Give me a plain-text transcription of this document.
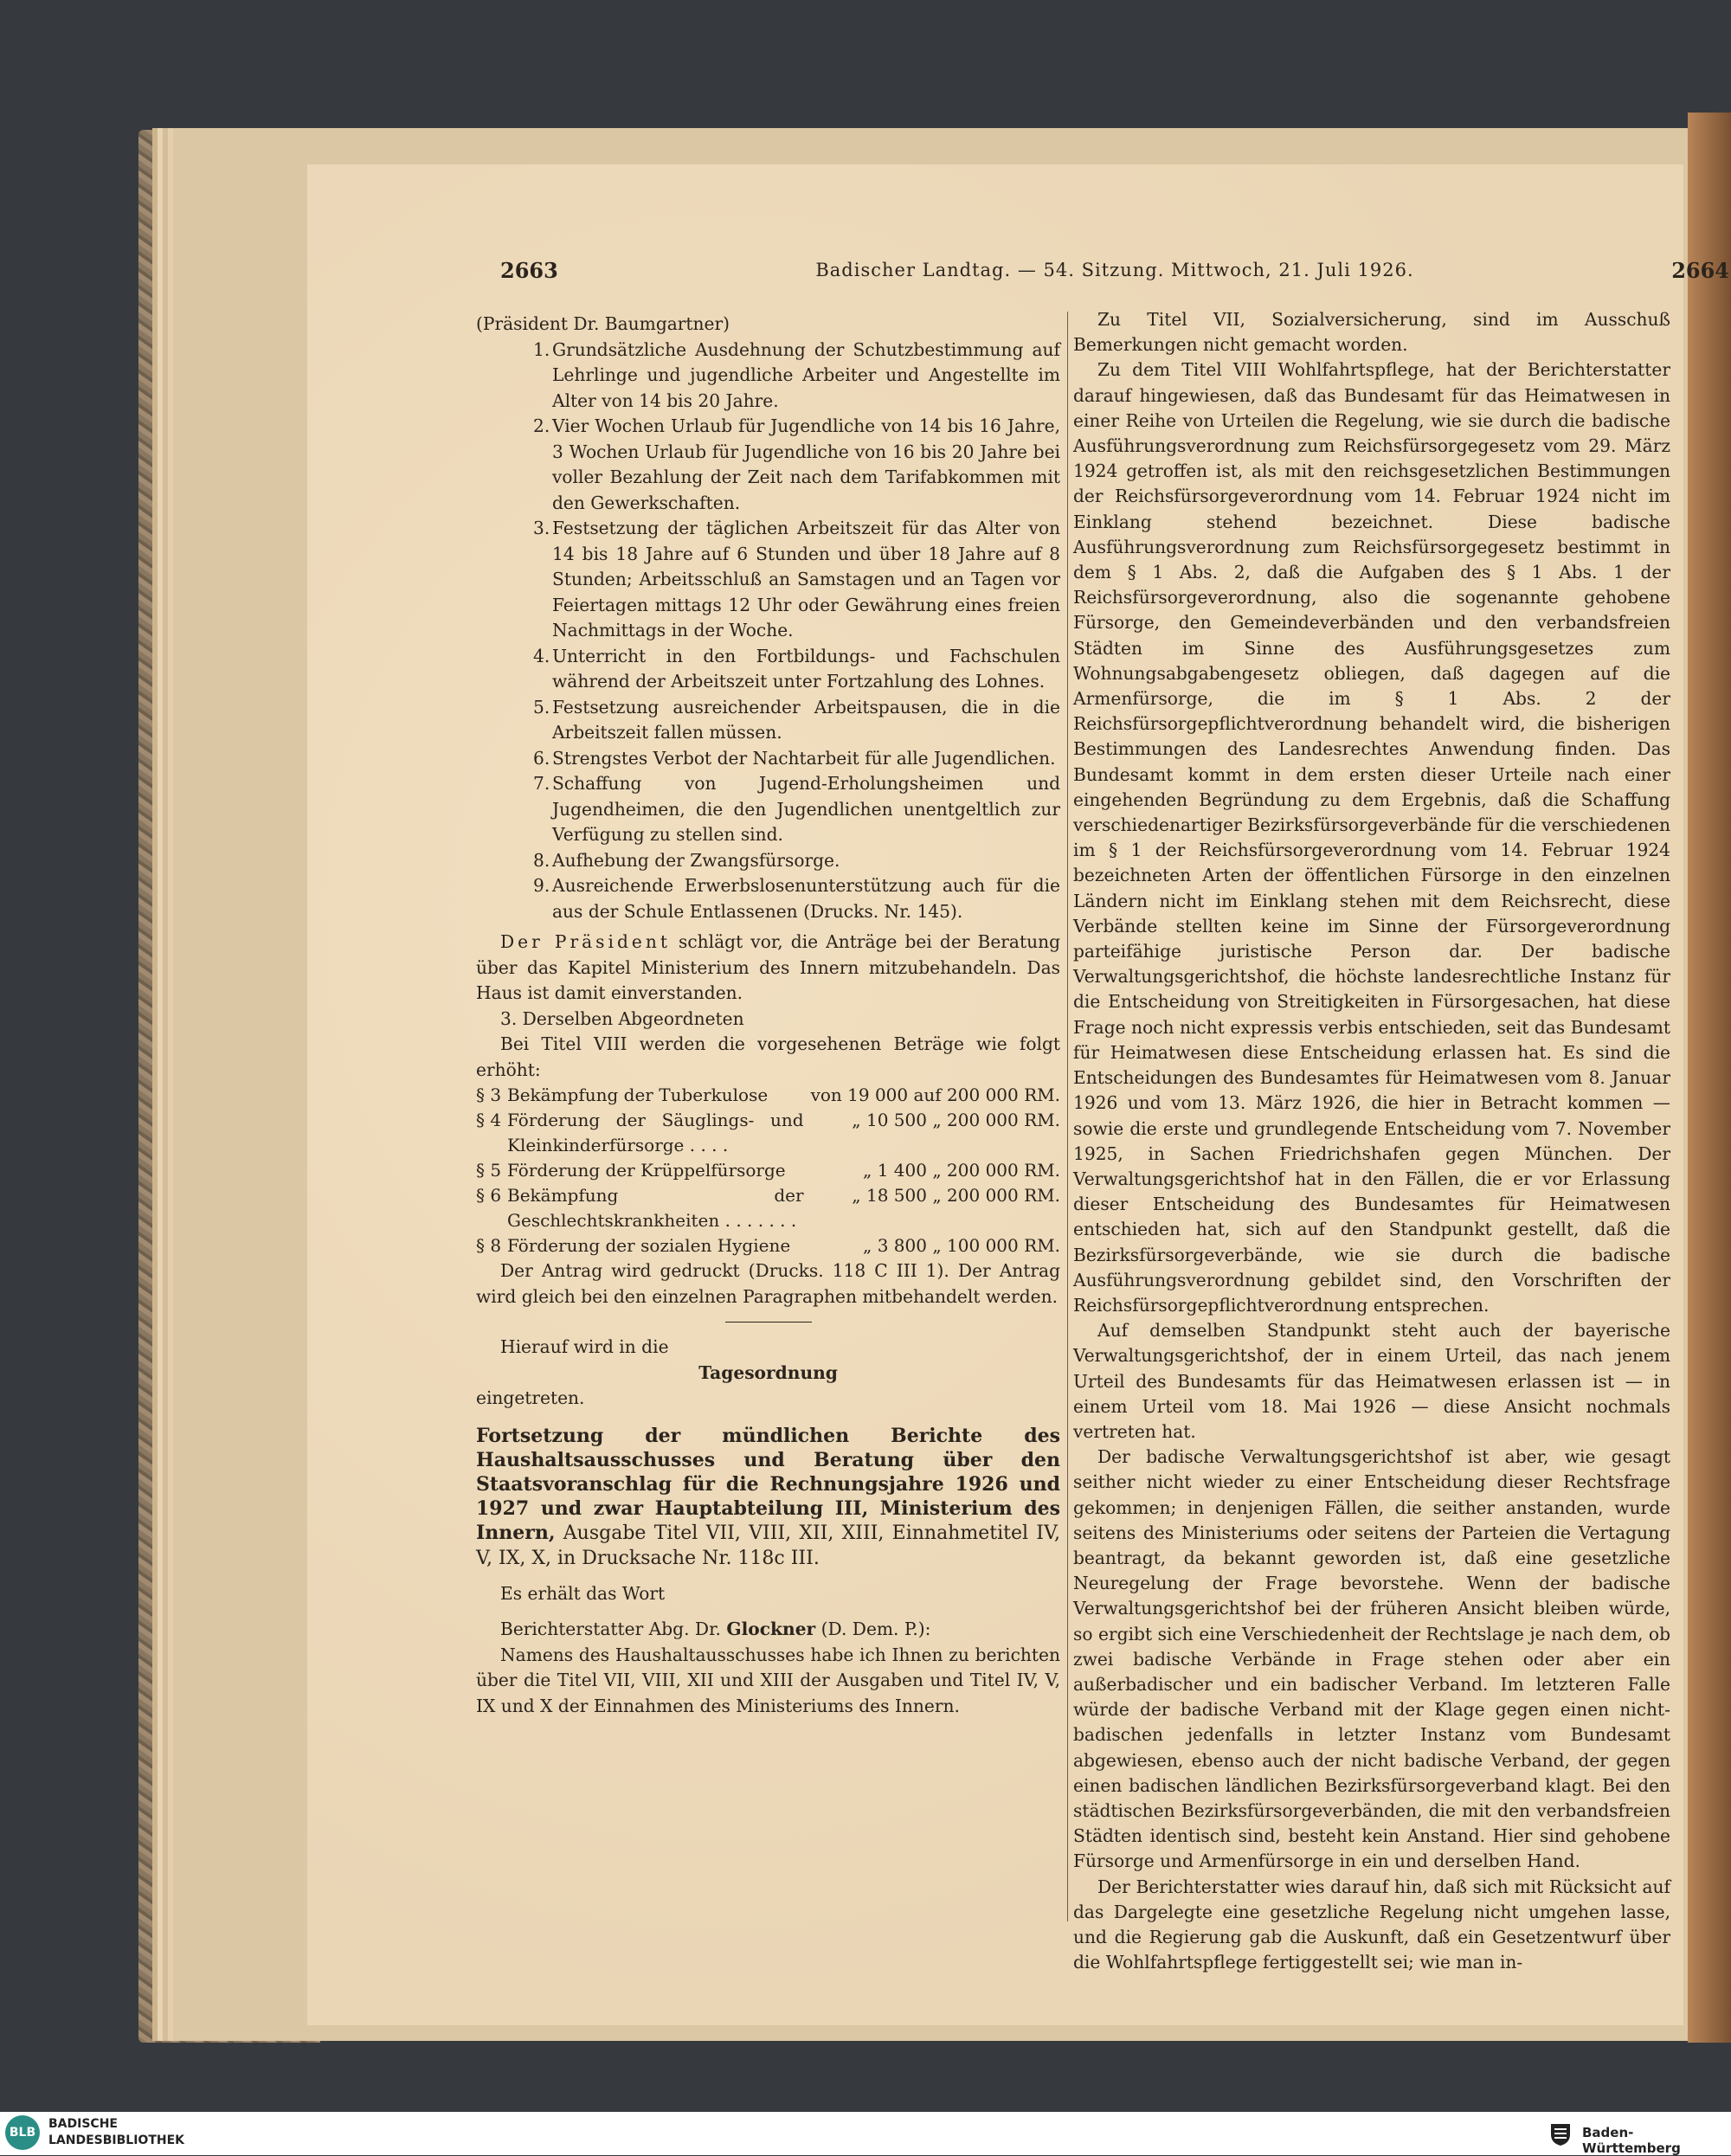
2663	Badischer Landtag. — 54. Sitzung. Mittwoch, 21. Juli 1926.	2664

(Präsident Dr. Baumgartner)

1. Grundsätzliche Ausdehnung der Schutzbestimmung auf Lehrlinge und jugendliche Arbeiter und Angestellte im Alter von 14 bis 20 Jahre.
2. Vier Wochen Urlaub für Jugendliche von 14 bis 16 Jahre, 3 Wochen Urlaub für Jugendliche von 16 bis 20 Jahre bei voller Bezahlung der Zeit nach dem Tarifabkommen mit den Gewerkschaften.
3. Festsetzung der täglichen Arbeitszeit für das Alter von 14 bis 18 Jahre auf 6 Stunden und über 18 Jahre auf 8 Stunden; Arbeitsschluß an Samstagen und an Tagen vor Feiertagen mittags 12 Uhr oder Gewährung eines freien Nachmittags in der Woche.
4. Unterricht in den Fortbildungs- und Fachschulen während der Arbeitszeit unter Fortzahlung des Lohnes.
5. Festsetzung ausreichender Arbeitspausen, die in die Arbeitszeit fallen müssen.
6. Strengstes Verbot der Nachtarbeit für alle Jugendlichen.
7. Schaffung von Jugend-Erholungsheimen und Jugendheimen, die den Jugendlichen unentgeltlich zur Verfügung zu stellen sind.
8. Aufhebung der Zwangsfürsorge.
9. Ausreichende Erwerbslosenunterstützung auch für die aus der Schule Entlassenen (Drucks. Nr. 145).

Der Präsident schlägt vor, die Anträge bei der Beratung über das Kapitel Ministerium des Innern mitzubehandeln. Das Haus ist damit einverstanden.

3. Derselben Abgeordneten

Bei Titel VIII werden die vorgesehenen Beträge wie folgt erhöht:

§ 3	Bekämpfung der Tuberkulose	von 19 000 auf 200 000 RM.
§ 4	Förderung der Säuglings- und Kleinkinderfürsorge . . . .	„ 10 500 „ 200 000 RM.
§ 5	Förderung der Krüppelfürsorge	„ 1 400 „ 200 000 RM.
§ 6	Bekämpfung der Geschlechtskrankheiten . . . . . . .	„ 18 500 „ 200 000 RM.
§ 8	Förderung der sozialen Hygiene	„ 3 800 „ 100 000 RM.

Der Antrag wird gedruckt (Drucks. 118 C III 1). Der Antrag wird gleich bei den einzelnen Paragraphen mitbehandelt werden.

Hierauf wird in die

Tagesordnung

eingetreten.

Fortsetzung der mündlichen Berichte des Haushaltsausschusses und Beratung über den Staatsvoranschlag für die Rechnungsjahre 1926 und 1927 und zwar Hauptabteilung III, Ministerium des Innern, Ausgabe Titel VII, VIII, XII, XIII, Einnahmetitel IV, V, IX, X, in Drucksache Nr. 118c III.

Es erhält das Wort

Berichterstatter Abg. Dr. Glockner (D. Dem. P.):

Namens des Haushaltausschusses habe ich Ihnen zu berichten über die Titel VII, VIII, XII und XIII der Ausgaben und Titel IV, V, IX und X der Einnahmen des Ministeriums des Innern.

Zu Titel VII, Sozialversicherung, sind im Ausschuß Bemerkungen nicht gemacht worden.

Zu dem Titel VIII Wohlfahrtspflege, hat der Berichterstatter darauf hingewiesen, daß das Bundesamt für das Heimatwesen in einer Reihe von Urteilen die Regelung, wie sie durch die badische Ausführungsverordnung zum Reichsfürsorgegesetz vom 29. März 1924 getroffen ist, als mit den reichsgesetzlichen Bestimmungen der Reichsfürsorgeverordnung vom 14. Februar 1924 nicht im Einklang stehend bezeichnet. Diese badische Ausführungsverordnung zum Reichsfürsorgegesetz bestimmt in dem § 1 Abs. 2, daß die Aufgaben des § 1 Abs. 1 der Reichsfürsorgeverordnung, also die sogenannte gehobene Fürsorge, den Gemeindeverbänden und den verbandsfreien Städten im Sinne des Ausführungsgesetzes zum Wohnungsabgabengesetz obliegen, daß dagegen auf die Armenfürsorge, die im § 1 Abs. 2 der Reichsfürsorgepflichtverordnung behandelt wird, die bisherigen Bestimmungen des Landesrechtes Anwendung finden. Das Bundesamt kommt in dem ersten dieser Urteile nach einer eingehenden Begründung zu dem Ergebnis, daß die Schaffung verschiedenartiger Bezirksfürsorgeverbände für die verschiedenen im § 1 der Reichsfürsorgeverordnung vom 14. Februar 1924 bezeichneten Arten der öffentlichen Fürsorge in den einzelnen Ländern nicht im Einklang stehen mit dem Reichsrecht, diese Verbände stellten keine im Sinne der Fürsorgeverordnung parteifähige juristische Person dar. Der badische Verwaltungsgerichtshof, die höchste landesrechtliche Instanz für die Entscheidung von Streitigkeiten in Fürsorgesachen, hat diese Frage noch nicht expressis verbis entschieden, seit das Bundesamt für Heimatwesen diese Entscheidung erlassen hat. Es sind die Entscheidungen des Bundesamtes für Heimatwesen vom 8. Januar 1926 und vom 13. März 1926, die hier in Betracht kommen — sowie die erste und grundlegende Entscheidung vom 7. November 1925, in Sachen Friedrichshafen gegen München. Der Verwaltungsgerichtshof hat in den Fällen, die er vor Erlassung dieser Entscheidung des Bundesamtes für Heimatwesen entschieden hat, sich auf den Standpunkt gestellt, daß die Bezirksfürsorgeverbände, wie sie durch die badische Ausführungsverordnung gebildet sind, den Vorschriften der Reichsfürsorgepflichtverordnung entsprechen.

Auf demselben Standpunkt steht auch der bayerische Verwaltungsgerichtshof, der in einem Urteil, das nach jenem Urteil des Bundesamts für das Heimatwesen erlassen ist — in einem Urteil vom 18. Mai 1926 — diese Ansicht nochmals vertreten hat.

Der badische Verwaltungsgerichtshof ist aber, wie gesagt seither nicht wieder zu einer Entscheidung dieser Rechtsfrage gekommen; in denjenigen Fällen, die seither anstanden, wurde seitens des Ministeriums oder seitens der Parteien die Vertagung beantragt, da bekannt geworden ist, daß eine gesetzliche Neuregelung der Frage bevorstehe. Wenn der badische Verwaltungsgerichtshof bei der früheren Ansicht bleiben würde, so ergibt sich eine Verschiedenheit der Rechtslage je nach dem, ob zwei badische Verbände in Frage stehen oder aber ein außerbadischer und ein badischer Verband. Im letzteren Falle würde der badische Verband mit der Klage gegen einen nicht-badischen jedenfalls in letzter Instanz vom Bundesamt abgewiesen, ebenso auch der nicht badische Verband, der gegen einen badischen ländlichen Bezirksfürsorgeverband klagt. Bei den städtischen Bezirksfürsorgeverbänden, die mit den verbandsfreien Städten identisch sind, besteht kein Anstand. Hier sind gehobene Fürsorge und Armenfürsorge in ein und derselben Hand.

Der Berichterstatter wies darauf hin, daß sich mit Rücksicht auf das Dargelegte eine gesetzliche Regelung nicht umgehen lasse, und die Regierung gab die Auskunft, daß ein Gesetzentwurf über die Wohlfahrtspflege fertiggestellt sei; wie man in-

BLB
BADISCHE
LANDESBIBLIOTHEK	Baden-Württemberg
